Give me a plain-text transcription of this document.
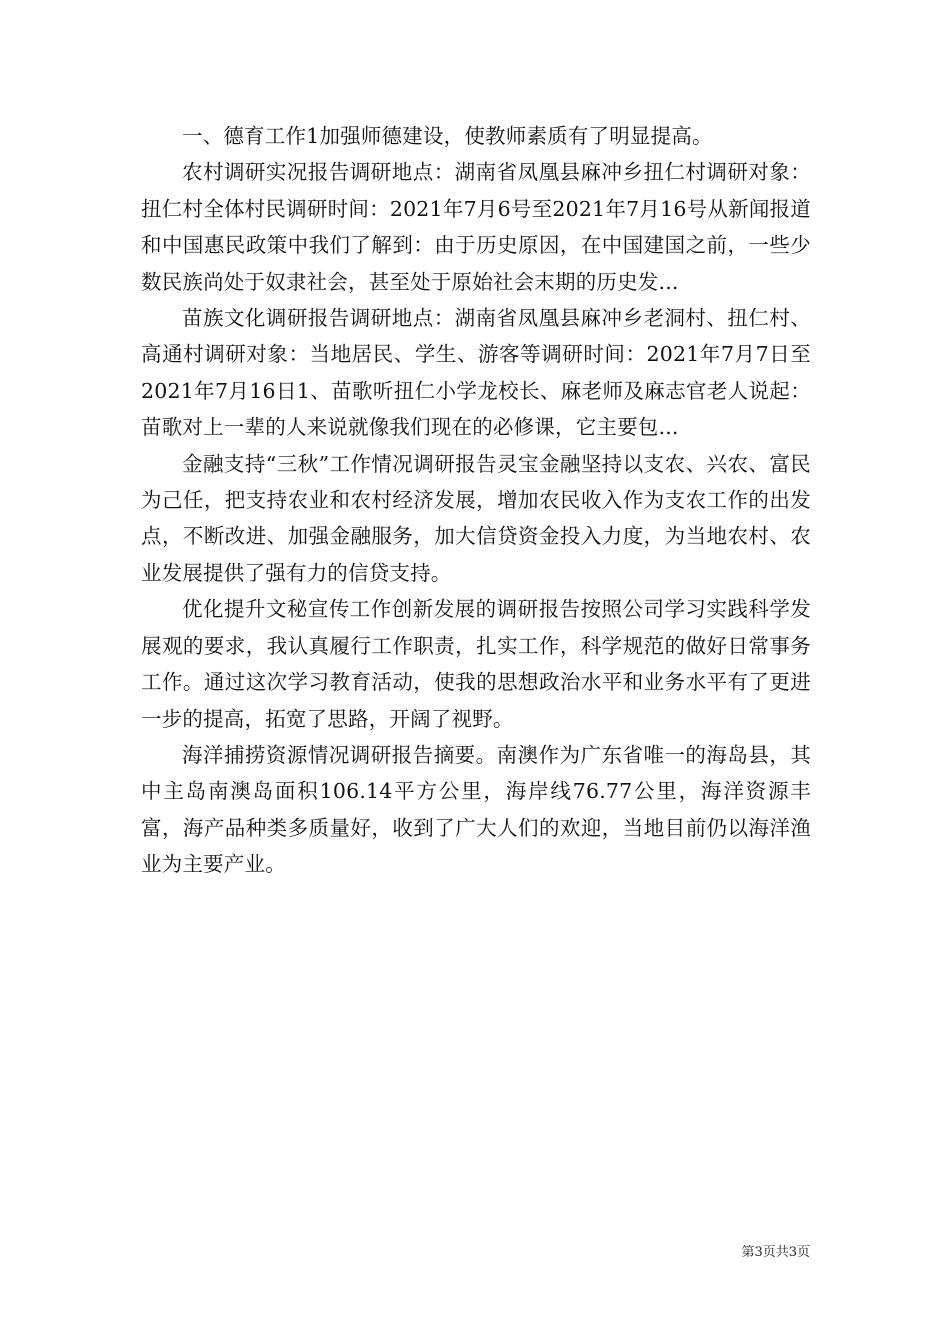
一、德育工作1加强师德建设，使教师素质有了明显提高。

农村调研实况报告调研地点：湖南省凤凰县麻冲乡扭仁村调研对象：扭仁村全体村民调研时间：2021年7月6号至2021年7月16号从新闻报道和中国惠民政策中我们了解到：由于历史原因，在中国建国之前，一些少数民族尚处于奴隶社会，甚至处于原始社会末期的历史发...

苗族文化调研报告调研地点：湖南省凤凰县麻冲乡老洞村、扭仁村、高通村调研对象：当地居民、学生、游客等调研时间：2021年7月7日至2021年7月16日1、苗歌听扭仁小学龙校长、麻老师及麻志官老人说起：苗歌对上一辈的人来说就像我们现在的必修课，它主要包...

金融支持“三秋”工作情况调研报告灵宝金融坚持以支农、兴农、富民为己任，把支持农业和农村经济发展，增加农民收入作为支农工作的出发点，不断改进、加强金融服务，加大信贷资金投入力度，为当地农村、农业发展提供了强有力的信贷支持。

优化提升文秘宣传工作创新发展的调研报告按照公司学习实践科学发展观的要求，我认真履行工作职责，扎实工作，科学规范的做好日常事务工作。通过这次学习教育活动，使我的思想政治水平和业务水平有了更进一步的提高，拓宽了思路，开阔了视野。

海洋捕捞资源情况调研报告摘要。南澳作为广东省唯一的海岛县，其中主岛南澳岛面积106.14平方公里，海岸线76.77公里，海洋资源丰富，海产品种类多质量好，收到了广大人们的欢迎，当地目前仍以海洋渔业为主要产业。

第3页共3页
